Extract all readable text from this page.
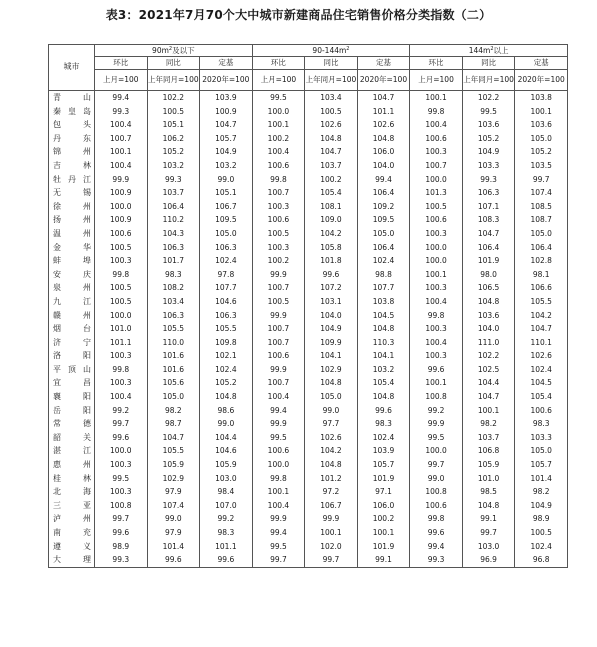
表3：2021年7月70个大中城市新建商品住宅销售价格分类指数（二）
城市	$90m^2$及以下			$90-144m^2$			$144m^2$以上		
	环比	同比	定基	环比	同比	定基	环比	同比	定基
	上月=100	上年同月=100	2020年=100	上月=100	上年同月=100	2020年=100	上月=100	上年同月=100	2020年=100
青山	99.4	102.2	103.9	99.5	103.4	104.7	100.1	102.2	103.8
秦皇岛	99.3	100.5	100.9	100.0	100.5	101.1	99.8	99.5	100.1
包头	100.4	105.1	104.7	100.1	102.6	102.6	100.4	103.6	103.6
丹东	100.7	106.2	105.7	100.2	104.8	104.8	100.6	105.2	105.0
锦州	100.1	105.2	104.9	100.4	104.7	106.0	100.3	104.9	105.2
吉林	100.4	103.2	103.2	100.6	103.7	104.0	100.7	103.3	103.5
牡丹江	99.9	99.3	99.0	99.8	100.2	99.4	100.0	99.3	99.7
无锡	100.9	103.7	105.1	100.7	105.4	106.4	101.3	106.3	107.4
徐州	100.0	106.4	106.7	100.3	108.1	109.2	100.5	107.1	108.5
扬州	100.9	110.2	109.5	100.6	109.0	109.5	100.6	108.3	108.7
温州	100.6	104.3	105.0	100.5	104.2	105.0	100.3	104.7	105.0
金华	100.5	106.3	106.3	100.3	105.8	106.4	100.0	106.4	106.4
蚌埠	100.3	101.7	102.4	100.2	101.8	102.4	100.0	101.9	102.8
安庆	99.8	98.3	97.8	99.9	99.6	98.8	100.1	98.0	98.1
泉州	100.5	108.2	107.7	100.7	107.2	107.7	100.3	106.5	106.6
九江	100.5	103.4	104.6	100.5	103.1	103.8	100.4	104.8	105.5
赣州	100.0	106.3	106.3	99.9	104.0	104.5	99.8	103.6	104.2
烟台	101.0	105.5	105.5	100.7	104.9	104.8	100.3	104.0	104.7
济宁	101.1	110.0	109.8	100.7	109.9	110.3	100.4	111.0	110.1
洛阳	100.3	101.6	102.1	100.6	104.1	104.1	100.3	102.2	102.6
平顶山	99.8	101.6	102.4	99.9	102.9	103.2	99.6	102.5	102.4
宜昌	100.3	105.6	105.2	100.7	104.8	105.4	100.1	104.4	104.5
襄阳	100.4	105.0	104.8	100.4	105.0	104.8	100.8	104.7	105.4
岳阳	99.2	98.2	98.6	99.4	99.0	99.6	99.2	100.1	100.6
常德	99.7	98.7	99.0	99.9	97.7	98.3	99.9	98.2	98.3
韶关	99.6	104.7	104.4	99.5	102.6	102.4	99.5	103.7	103.3
湛江	100.0	105.5	104.6	100.6	104.2	103.9	100.0	106.8	105.0
惠州	100.3	105.9	105.9	100.0	104.8	105.7	99.7	105.9	105.7
桂林	99.5	102.9	103.0	99.8	101.2	101.9	99.0	101.0	101.4
北海	100.3	97.9	98.4	100.1	97.2	97.1	100.8	98.5	98.2
三亚	100.8	107.4	107.0	100.4	106.7	106.0	100.6	104.8	104.9
泸州	99.7	99.0	99.2	99.9	99.9	100.2	99.8	99.1	98.9
南充	99.6	97.9	98.3	99.4	100.1	100.1	99.6	99.7	100.5
遵义	98.9	101.4	101.1	99.5	102.0	101.9	99.4	103.0	102.4
大理	99.3	99.6	99.6	99.7	99.7	99.1	99.3	96.9	96.8
